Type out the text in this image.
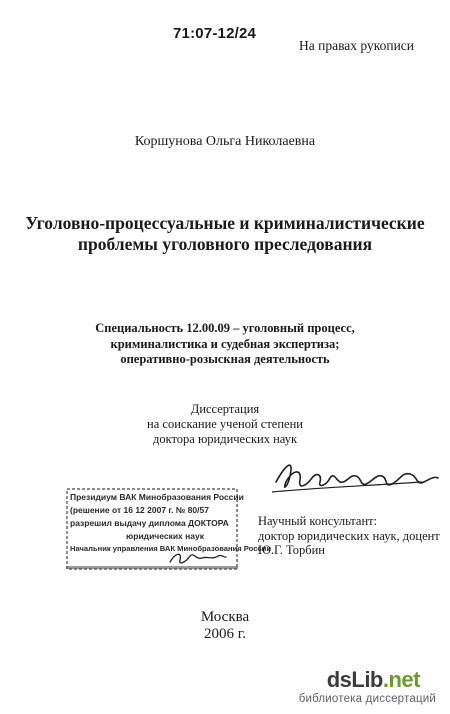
71:07-12/24
На правах рукописи
Коршунова Ольга Николаевна
Уголовно-процессуальные и криминалистические
проблемы уголовного преследования
Специальность 12.00.09 – уголовный процесс,
криминалистика и судебная экспертиза;
оперативно-розыскная деятельность
Диссертация
на соискание ученой степени
доктора юридических наук
Президиум ВАК Минобразования России
(решение от 16 12 2007 г. № 80/57
разрешил выдачу диплома ДОКТОРА
юридических наук
Начальник управления ВАК Минобразования России
Научный консультант:
доктор юридических наук, доцент
Ю.Г. Торбин
Москва
2006 г.
dsLib.net
библиотека диссертаций
